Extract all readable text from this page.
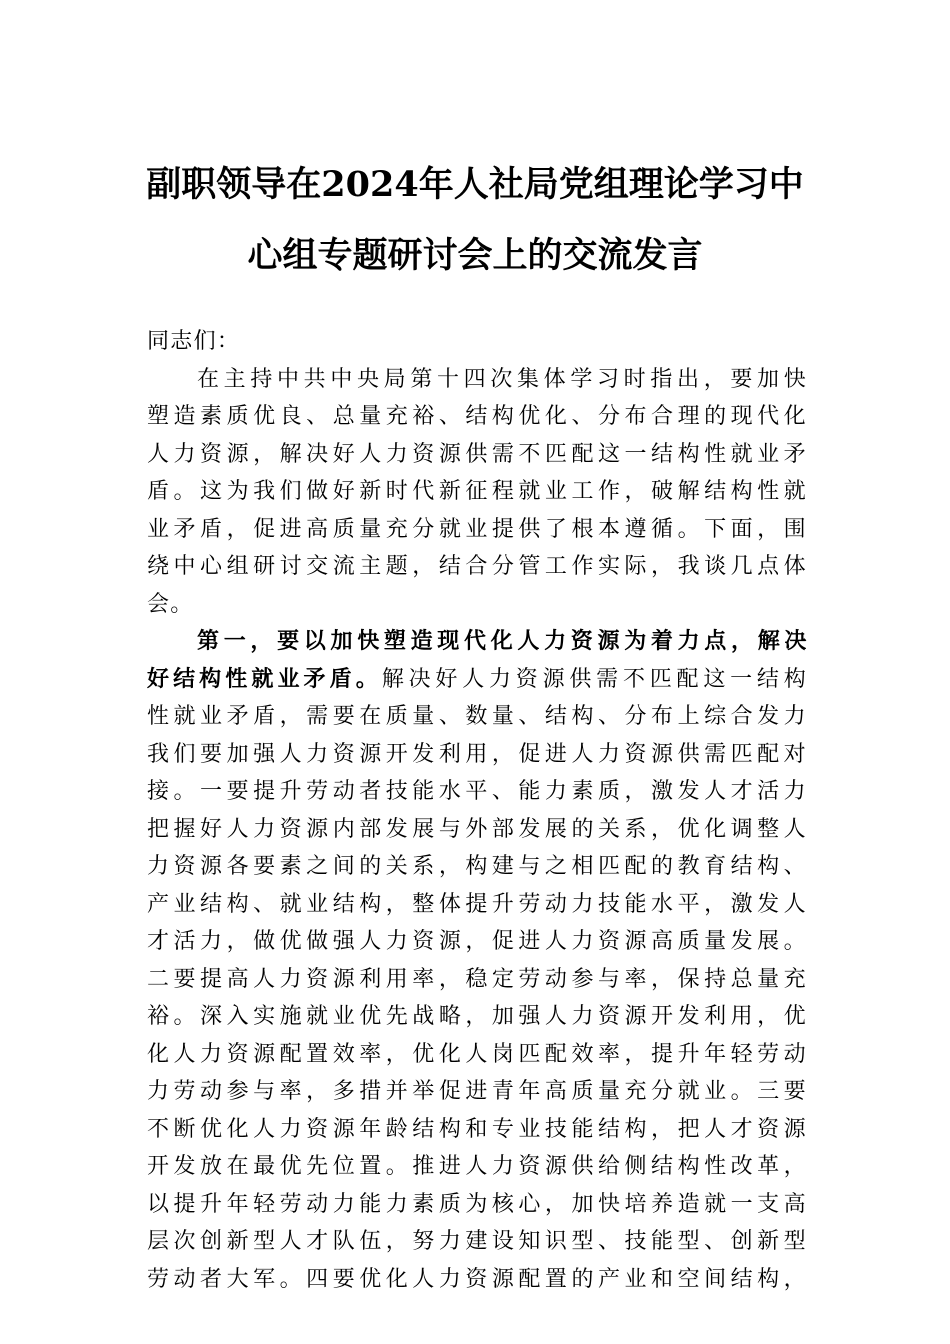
副职领导在2024年人社局党组理论学习中
心组专题研讨会上的交流发言
同志们：
在主持中共中央局第十四次集体学习时指出，要加快
塑造素质优良、总量充裕、结构优化、分布合理的现代化
人力资源，解决好人力资源供需不匹配这一结构性就业矛
盾。这为我们做好新时代新征程就业工作，破解结构性就
业矛盾，促进高质量充分就业提供了根本遵循。下面，围
绕中心组研讨交流主题，结合分管工作实际，我谈几点体
会。
第一，要以加快塑造现代化人力资源为着力点，解决
好结构性就业矛盾。解决好人力资源供需不匹配这一结构
性就业矛盾，需要在质量、数量、结构、分布上综合发力
我们要加强人力资源开发利用，促进人力资源供需匹配对
接。一要提升劳动者技能水平、能力素质，激发人才活力
把握好人力资源内部发展与外部发展的关系，优化调整人
力资源各要素之间的关系，构建与之相匹配的教育结构、
产业结构、就业结构，整体提升劳动力技能水平，激发人
才活力，做优做强人力资源，促进人力资源高质量发展。
二要提高人力资源利用率，稳定劳动参与率，保持总量充
裕。深入实施就业优先战略，加强人力资源开发利用，优
化人力资源配置效率，优化人岗匹配效率，提升年轻劳动
力劳动参与率，多措并举促进青年高质量充分就业。三要
不断优化人力资源年龄结构和专业技能结构，把人才资源
开发放在最优先位置。推进人力资源供给侧结构性改革，
以提升年轻劳动力能力素质为核心，加快培养造就一支高
层次创新型人才队伍，努力建设知识型、技能型、创新型
劳动者大军。四要优化人力资源配置的产业和空间结构，
